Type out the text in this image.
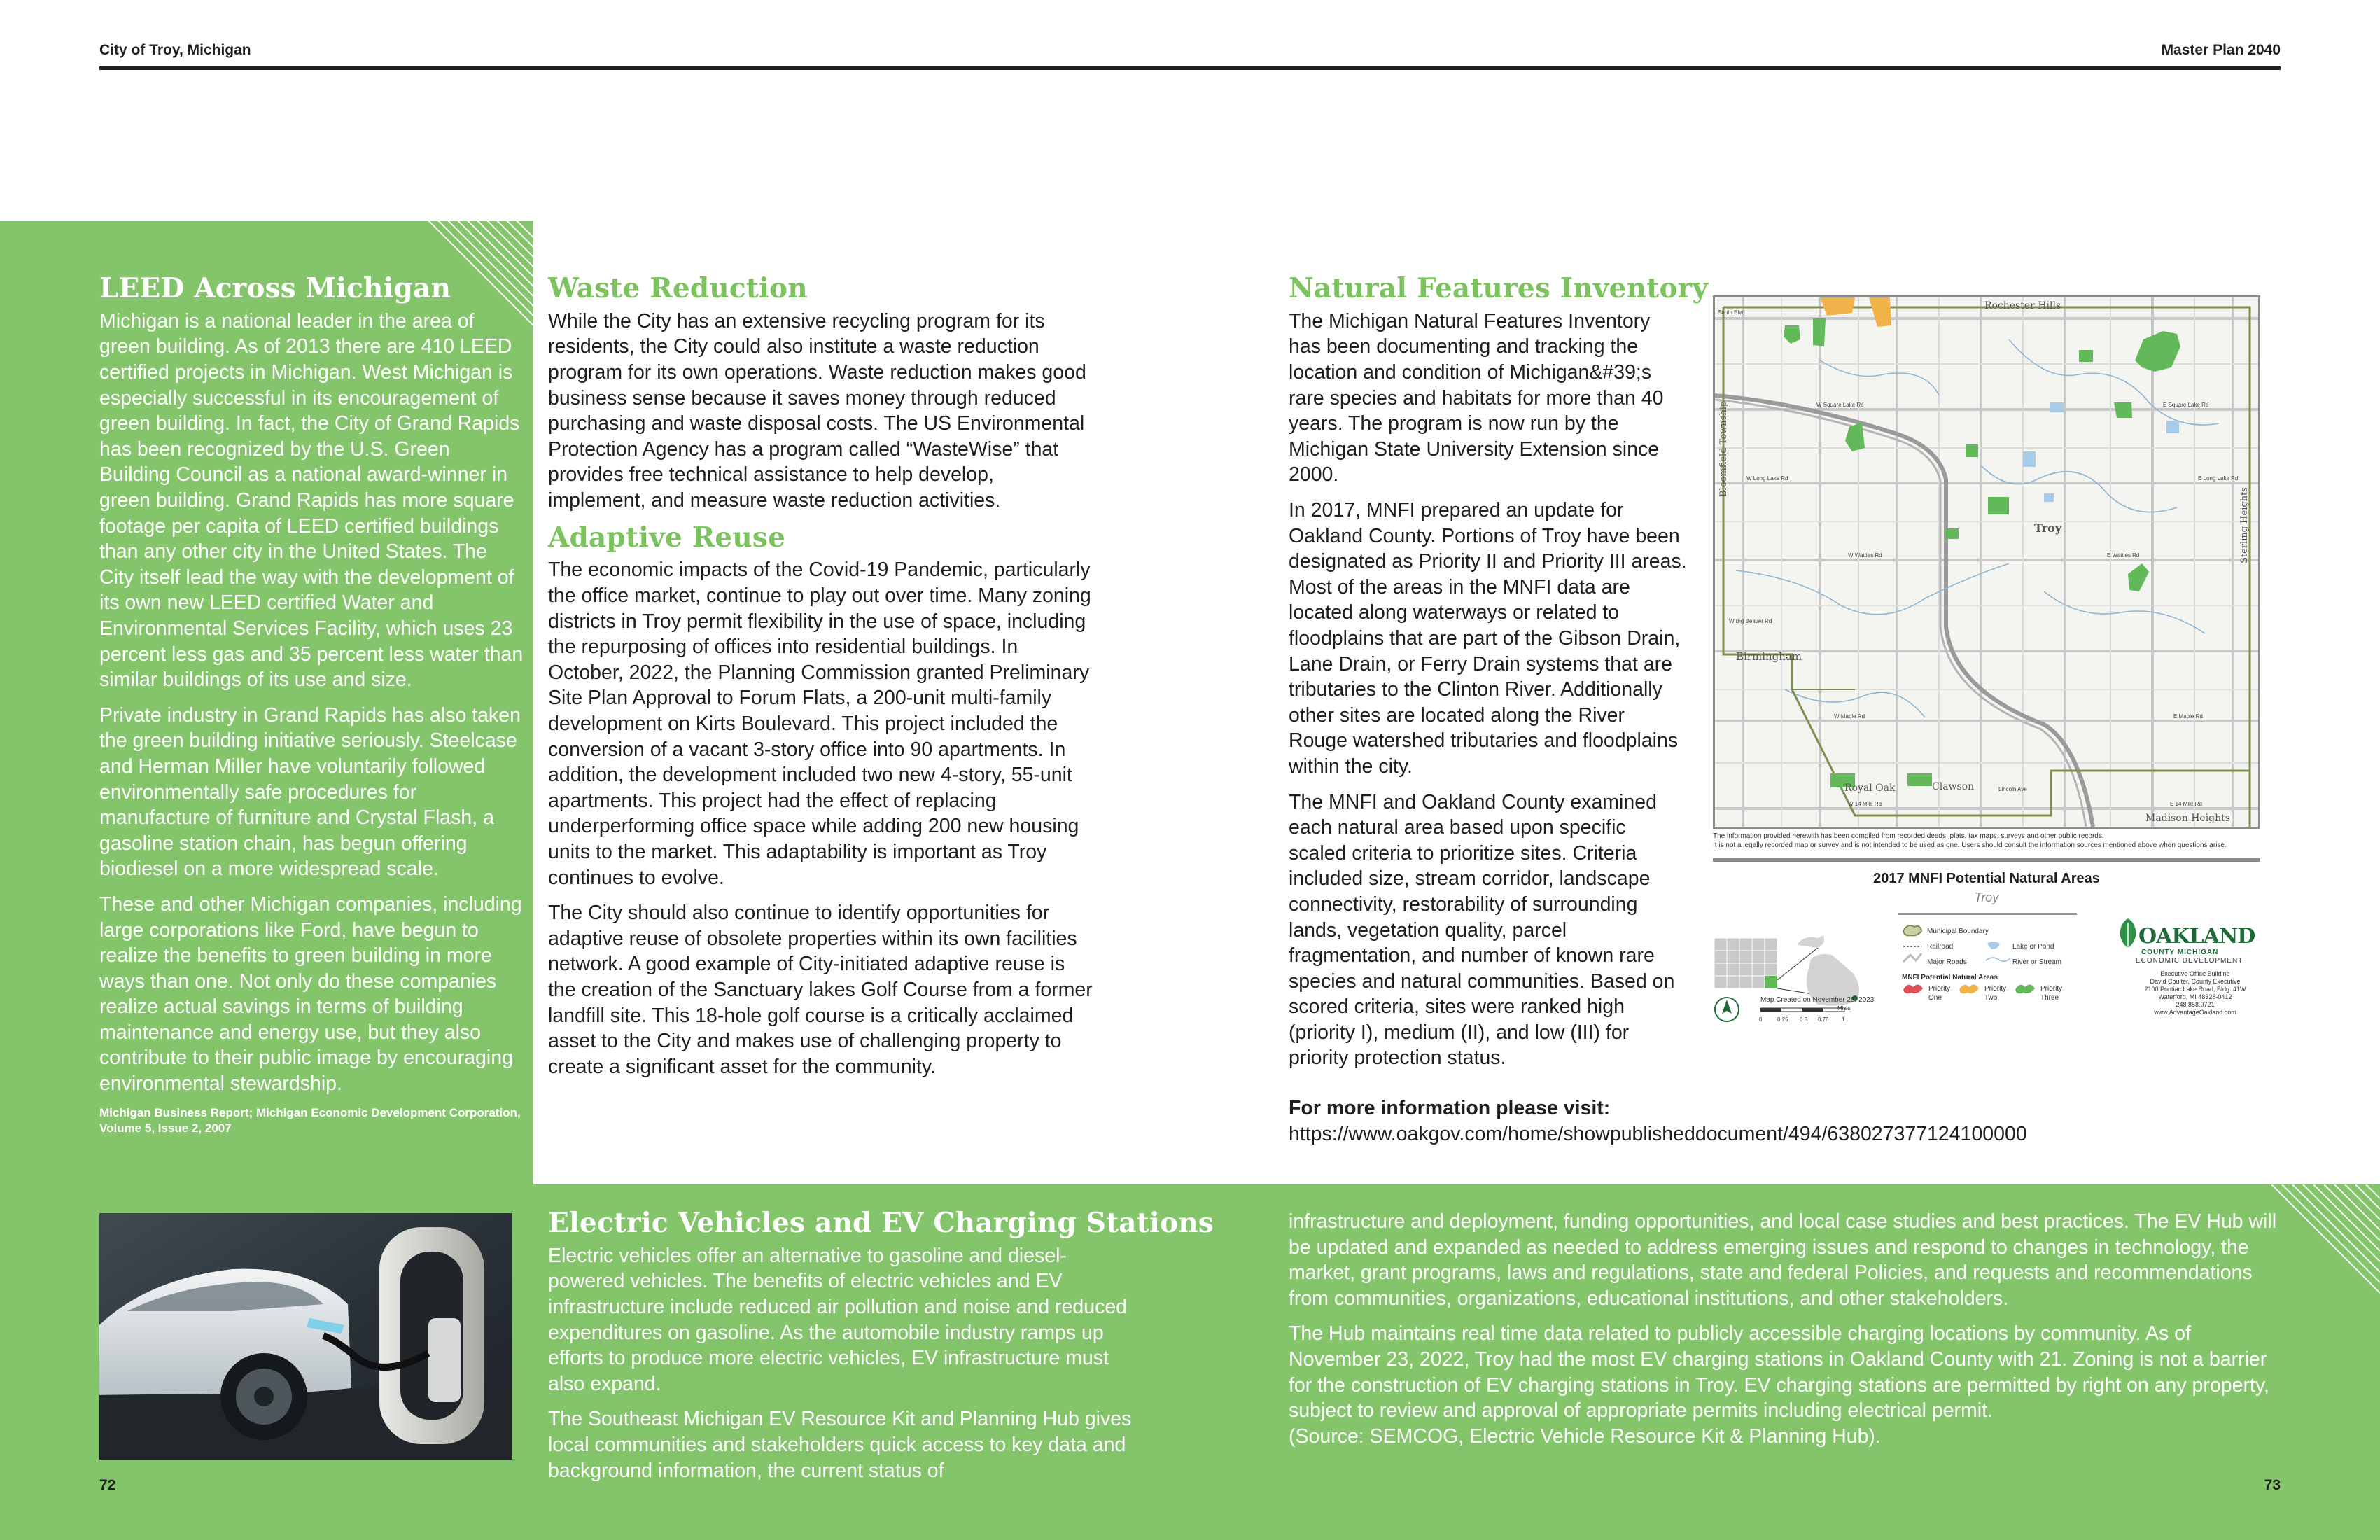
City of Troy, Michigan	Master Plan 2040
LEED Across Michigan

Michigan is a national leader in the area of green building. As of 2013 there are 410 LEED certified projects in Michigan. West Michigan is especially successful in its encouragement of green building. In fact, the City of Grand Rapids has been recognized by the U.S. Green Building Council as a national award-winner in green building. Grand Rapids has more square footage per capita of LEED certified buildings than any other city in the United States. The City itself lead the way with the development of its own new LEED certified Water and Environmental Services Facility, which uses 23 percent less gas and 35 percent less water than similar buildings of its use and size.

Private industry in Grand Rapids has also taken the green building initiative seriously. Steelcase and Herman Miller have voluntarily followed environmentally safe procedures for manufacture of furniture and Crystal Flash, a gasoline station chain, has begun offering biodiesel on a more widespread scale.

These and other Michigan companies, including large corporations like Ford, have begun to realize the benefits to green building in more ways than one. Not only do these companies realize actual savings in terms of building maintenance and energy use, but they also contribute to their public image by encouraging environmental stewardship.

Michigan Business Report; Michigan Economic Development Corporation, Volume 5, Issue 2, 2007

Waste Reduction

While the City has an extensive recycling program for its residents, the City could also institute a waste reduction program for its own operations. Waste reduction makes good business sense because it saves money through reduced purchasing and waste disposal costs. The US Environmental Protection Agency has a program called “WasteWise” that provides free technical assistance to help develop, implement, and measure waste reduction activities.

Adaptive Reuse

The economic impacts of the Covid-19 Pandemic, particularly the office market, continue to play out over time. Many zoning districts in Troy permit flexibility in the use of space, including the repurposing of offices into residential buildings. In October, 2022, the Planning Commission granted Preliminary Site Plan Approval to Forum Flats, a 200-unit multi-family development on Kirts Boulevard. This project included the conversion of a vacant 3-story office into 90 apartments. In addition, the development included two new 4-story, 55-unit apartments. This project had the effect of replacing underperforming office space while adding 200 new housing units to the market. This adaptability is important as Troy continues to evolve.

The City should also continue to identify opportunities for adaptive reuse of obsolete properties within its own facilities network. A good example of City-initiated adaptive reuse is the creation of the Sanctuary lakes Golf Course from a former landfill site. This 18-hole golf course is a critically acclaimed asset to the City and makes use of challenging property to create a significant asset for the community.

Natural Features Inventory

The Michigan Natural Features Inventory has been documenting and tracking the location and condition of Michigan&#39;s rare species and habitats for more than 40 years. The program is now run by the Michigan State University Extension since 2000.

In 2017, MNFI prepared an update for Oakland County. Portions of Troy have been designated as Priority II and Priority III areas. Most of the areas in the MNFI data are located along waterways or related to floodplains that are part of the Gibson Drain, Lane Drain, or Ferry Drain systems that are tributaries to the Clinton River. Additionally other sites are located along the River Rouge watershed tributaries and floodplains within the city.

The MNFI and Oakland County examined each natural area based upon specific scaled criteria to prioritize sites. Criteria included size, stream corridor, landscape connectivity, restorability of surrounding lands, vegetation quality, parcel fragmentation, and number of known rare species and natural communities. Based on scored criteria, sites were ranked high (priority I), medium (II), and low (III) for priority protection status.

For more information please visit:
https://www.oakgov.com/home/showpublisheddocument/494/638027377124100000
Rochester Hills
Troy
Birmingham
Royal Oak	Clawson
Madison Heights
Bloomfield Township
Sterling Heights
South Blvd
W Square Lake Rd	E Square Lake Rd
W Long Lake Rd	E Long Lake Rd
W Wattles Rd	E Wattles Rd
W Big Beaver Rd
W Maple Rd	E Maple Rd
W 14 Mile Rd	E 14 Mile Rd
Lincoln Ave
The information provided herewith has been compiled from recorded deeds, plats, tax maps, surveys and other public records.
It is not a legally recorded map or survey and is not intended to be used as one. Users should consult the information sources mentioned above when questions arise.
2017 MNFI Potential Natural Areas
Troy
Municipal Boundary
Railroad
Major Roads
Lake or Pond
River or Stream
MNFI Potential Natural Areas
Priority One
Priority Two
Priority Three
Map Created on November 28, 2023
Miles
0	0.25 0.5 0.75 1
OAKLAND
COUNTY MICHIGAN
ECONOMIC DEVELOPMENT
Executive Office Building
David Coulter, County Executive
2100 Pontiac Lake Road, Bldg. 41W
Waterford, MI 48328-0412
248.858.0721
www.AdvantageOakland.com
Electric Vehicles and EV Charging Stations

Electric vehicles offer an alternative to gasoline and diesel-powered vehicles. The benefits of electric vehicles and EV infrastructure include reduced air pollution and noise and reduced expenditures on gasoline. As the automobile industry ramps up efforts to produce more electric vehicles, EV infrastructure must also expand.

The Southeast Michigan EV Resource Kit and Planning Hub gives local communities and stakeholders quick access to key data and background information, the current status of

infrastructure and deployment, funding opportunities, and local case studies and best practices. The EV Hub will be updated and expanded as needed to address emerging issues and respond to changes in technology, the market, grant programs, laws and regulations, state and federal Policies, and requests and recommendations from communities, organizations, educational institutions, and other stakeholders.

The Hub maintains real time data related to publicly accessible charging locations by community. As of November 23, 2022, Troy had the most EV charging stations in Oakland County with 21. Zoning is not a barrier for the construction of EV charging stations in Troy. EV charging stations are permitted by right on any property, subject to review and approval of appropriate permits including electrical permit.
(Source: SEMCOG, Electric Vehicle Resource Kit & Planning Hub).

72	73
